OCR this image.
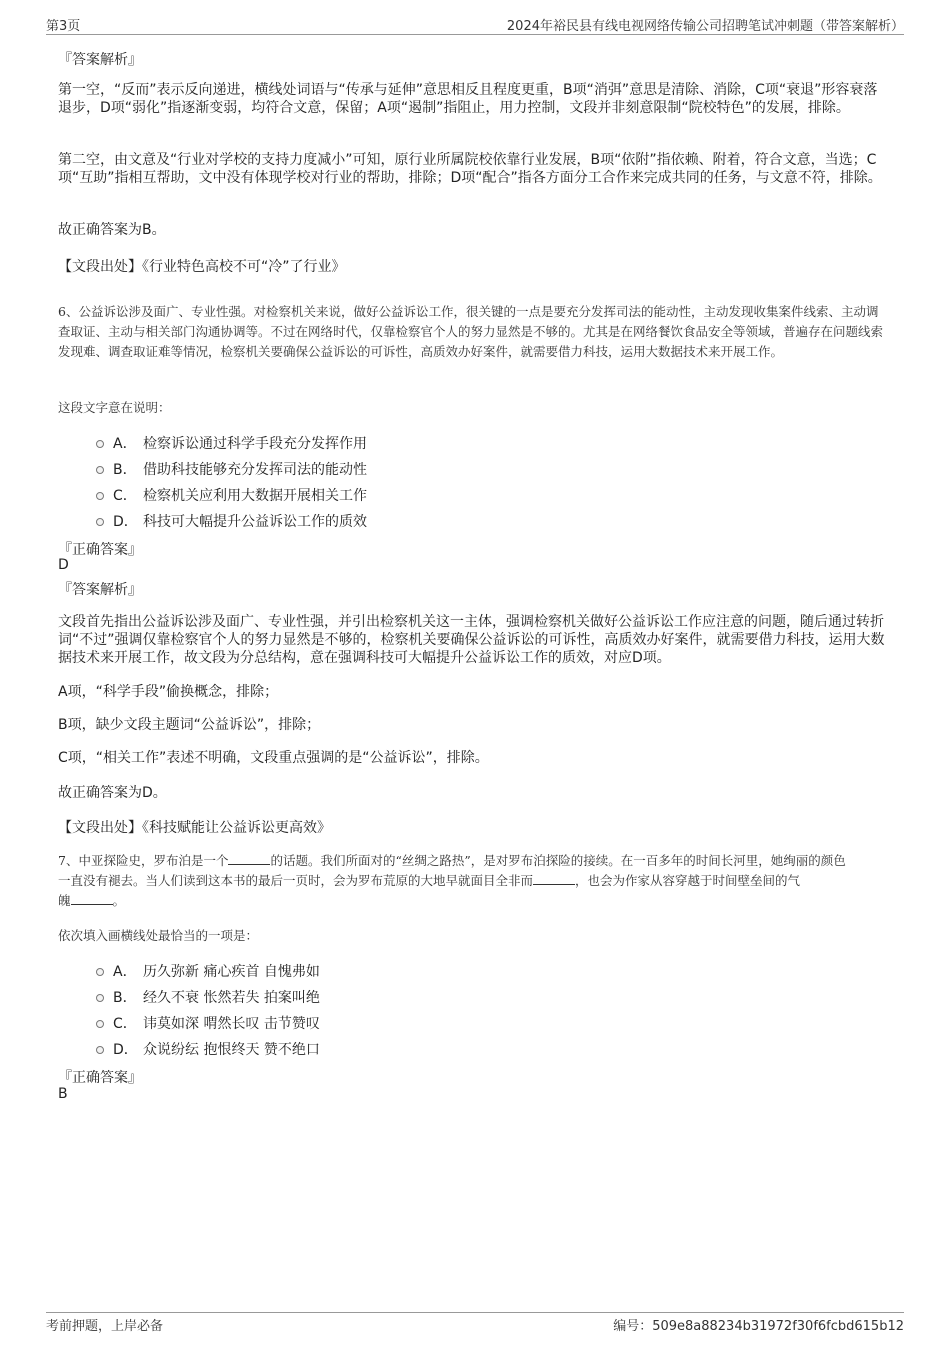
第3页	2024年裕民县有线电视网络传输公司招聘笔试冲刺题（带答案解析）
『答案解析』
第一空，“反而”表示反向递进，横线处词语与“传承与延伸”意思相反且程度更重，B项“消弭”意思是清除、消除，C项“衰退”形容衰落退步，D项“弱化”指逐渐变弱，均符合文意，保留；A项“遏制”指阻止，用力控制，文段并非刻意限制“院校特色”的发展，排除。
第二空，由文意及“行业对学校的支持力度减小”可知，原行业所属院校依靠行业发展，B项“依附”指依赖、附着，符合文意，当选；C项“互助”指相互帮助，文中没有体现学校对行业的帮助，排除；D项“配合”指各方面分工合作来完成共同的任务，与文意不符，排除。
故正确答案为B。
【文段出处】《行业特色高校不可“冷”了行业》
6、公益诉讼涉及面广、专业性强。对检察机关来说，做好公益诉讼工作，很关键的一点是要充分发挥司法的能动性，主动发现收集案件线索、主动调查取证、主动与相关部门沟通协调等。不过在网络时代，仅靠检察官个人的努力显然是不够的。尤其是在网络餐饮食品安全等领域，普遍存在问题线索发现难、调查取证难等情况，检察机关要确保公益诉讼的可诉性，高质效办好案件，就需要借力科技，运用大数据技术来开展工作。
这段文字意在说明：
A． 检察诉讼通过科学手段充分发挥作用
B． 借助科技能够充分发挥司法的能动性
C． 检察机关应利用大数据开展相关工作
D． 科技可大幅提升公益诉讼工作的质效
『正确答案』
D
『答案解析』
文段首先指出公益诉讼涉及面广、专业性强，并引出检察机关这一主体，强调检察机关做好公益诉讼工作应注意的问题，随后通过转折词“不过”强调仅靠检察官个人的努力显然是不够的，检察机关要确保公益诉讼的可诉性，高质效办好案件，就需要借力科技，运用大数据技术来开展工作，故文段为分总结构，意在强调科技可大幅提升公益诉讼工作的质效，对应D项。
A项，“科学手段”偷换概念，排除；
B项，缺少文段主题词“公益诉讼”，排除；
C项，“相关工作”表述不明确，文段重点强调的是“公益诉讼”，排除。
故正确答案为D。
【文段出处】《科技赋能让公益诉讼更高效》
7、中亚探险史，罗布泊是一个	的话题。我们所面对的“丝绸之路热”，是对罗布泊探险的接续。在一百多年的时间长河里，她绚丽的颜色
一直没有褪去。当人们读到这本书的最后一页时，会为罗布荒原的大地早就面目全非而	，也会为作家从容穿越于时间壁垒间的气
魄	。
依次填入画横线处最恰当的一项是：
A． 历久弥新 痛心疾首 自愧弗如
B． 经久不衰 怅然若失 拍案叫绝
C． 讳莫如深 喟然长叹 击节赞叹
D． 众说纷纭 抱恨终天 赞不绝口
『正确答案』
B
考前押题，上岸必备	编号：509e8a88234b31972f30f6fcbd615b12
